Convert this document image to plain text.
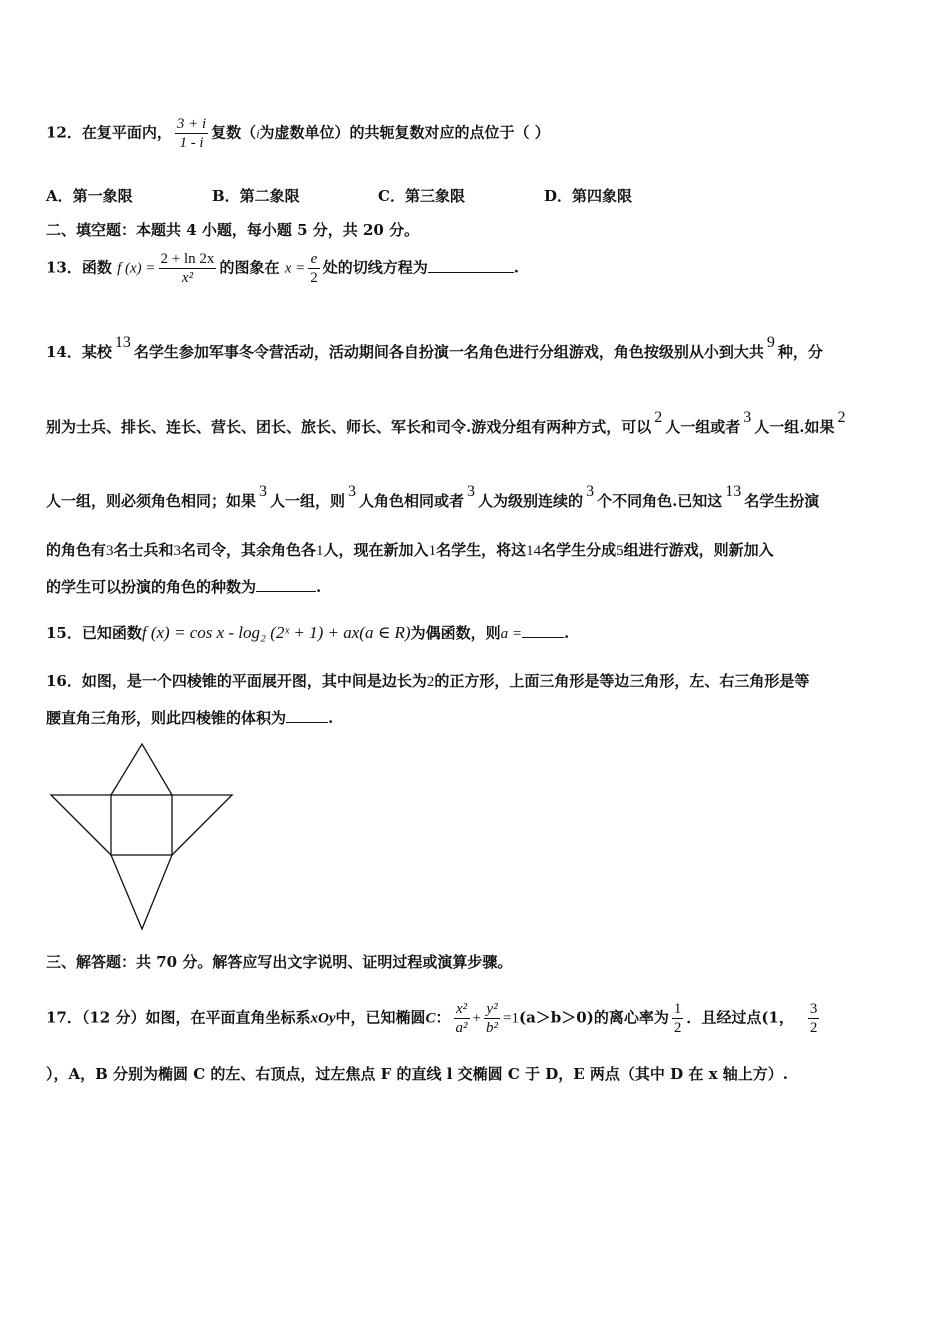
12．在复平面内， $\frac{3 + i}{1 - i}$ 复数（i为虚数单位）的共轭复数对应的点位于（ ）
A．第一象限	B．第二象限	C．第三象限	D．第四象限
二、填空题：本题共 4 小题，每小题 5 分，共 20 分。
13．函数 f $(x) = \frac{2 + \ln 2x}{\text{x²}}$ 的图象在 $x = \frac{e}{2}$ 处的切线方程为	.
14．某校13名学生参加军事冬令营活动，活动期间各自扮演一名角色进行分组游戏，角色按级别从小到大共9种，分
别为士兵、排长、连长、营长、团长、旅长、师长、军长和司令.游戏分组有两种方式，可以2人一组或者3人一组.如果2
人一组，则必须角色相同；如果3人一组，则3人角色相同或者3人为级别连续的3个不同角色.已知这13名学生扮演
的角色有3名士兵和3名司令，其余角色各1人，现在新加入1名学生，将这14名学生分成5组进行游戏，则新加入
的学生可以扮演的角色的种数为	.
15．已知函数f (x) = cos x - log₂ (2ˣ + 1) + ax(a ∈ R)为偶函数，则a =	.
16．如图，是一个四棱锥的平面展开图，其中间是边长为2的正方形，上面三角形是等边三角形，左、右三角形是等
腰直角三角形，则此四棱锥的体积为	.
三、解答题：共 70 分。解答应写出文字说明、证明过程或演算步骤。
17．（12 分）如图，在平面直角坐标系xOy中，已知椭圆C： $\frac{\text{x²}}{\text{a²}} + \frac{\text{y²}}{\text{b²}} =1(a>b>0)$的离心率为 $\frac{1}{2}$ ．且经过点(1， $\frac{3}{2}$
），A，B 分别为椭圆 C 的左、右顶点，过左焦点 F 的直线 l 交椭圆 C 于 D，E 两点（其中 D 在 x 轴上方）.
